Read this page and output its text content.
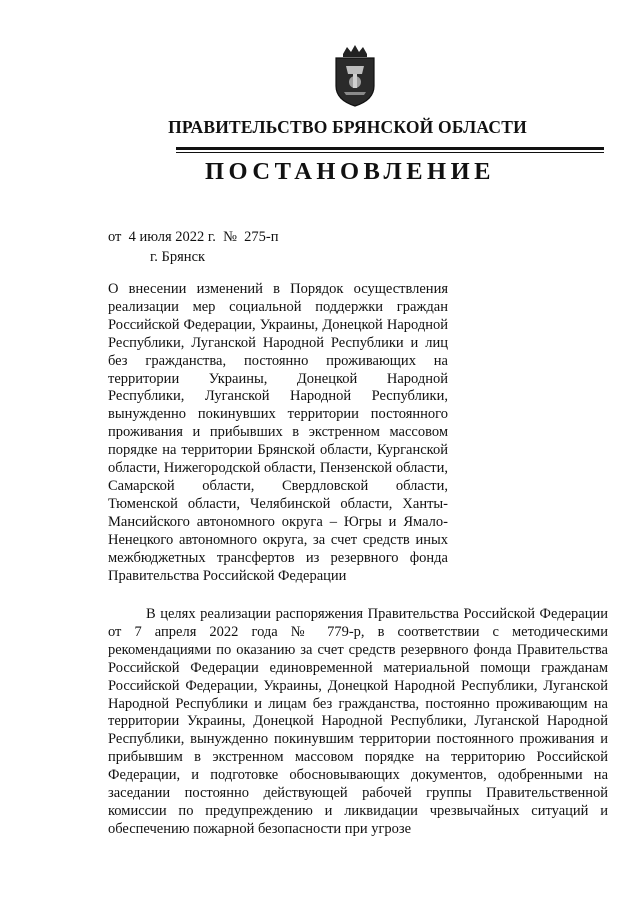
ПРАВИТЕЛЬСТВО БРЯНСКОЙ ОБЛАСТИ
ПОСТАНОВЛЕНИЕ
от  4 июля 2022 г.  №  275-п
г. Брянск
О внесении изменений в Порядок осуществления реализации мер социальной поддержки граждан Российской Федерации, Украины, Донецкой Народной Республики, Луганской Народной Республики и лиц без гражданства, постоянно проживающих на территории Украины, Донецкой Народной Республики, Луганской Народной Республики, вынужденно покинувших территории постоянного проживания и прибывших в экстренном массовом порядке на территории Брянской области, Курганской области, Нижегородской области, Пензенской области, Самарской области, Свердловской области, Тюменской области, Челябинской области, Ханты-Мансийского автономного округа – Югры и Ямало-Ненецкого автономного округа, за счет средств иных межбюджетных трансфертов из резервного фонда Правительства Российской Федерации
В целях реализации распоряжения Правительства Российской Федерации от 7 апреля 2022 года № 779-р, в соответствии с методическими рекомендациями по оказанию за счет средств резервного фонда Правительства Российской Федерации единовременной материальной помощи гражданам Российской Федерации, Украины, Донецкой Народной Республики, Луганской Народной Республики и лицам без гражданства, постоянно проживающим на территории Украины, Донецкой Народной Республики, Луганской Народной Республики, вынужденно покинувшим территории постоянного проживания и прибывшим в экстренном массовом порядке на территорию Российской Федерации, и подготовке обосновывающих документов, одобренными на заседании постоянно действующей рабочей группы Правительственной комиссии по предупреждению и ликвидации чрезвычайных ситуаций и обеспечению пожарной безопасности при угрозе
